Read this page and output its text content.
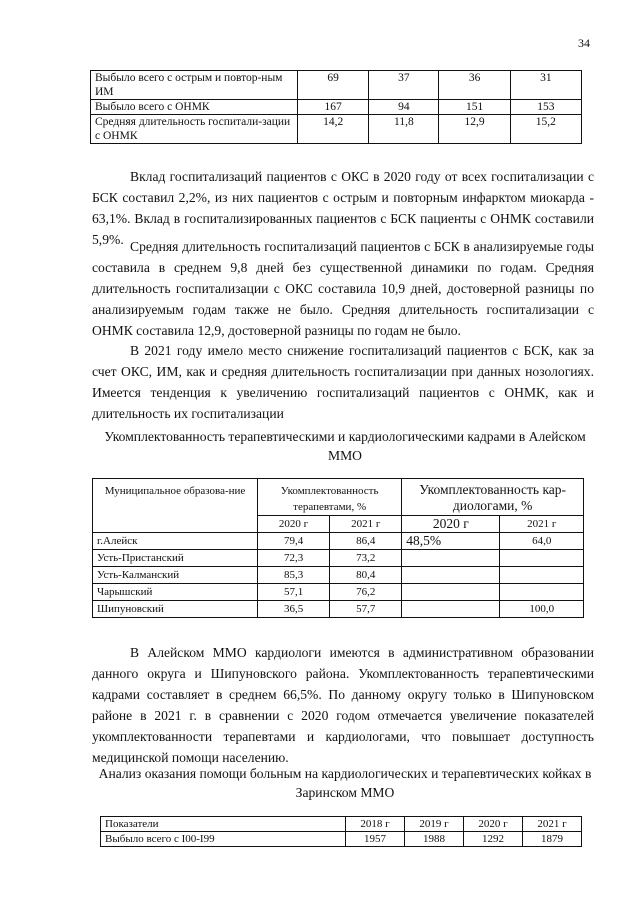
34
Выбыло всего с острым и повтор-ным ИМ	69	37	36	31
Выбыло всего с ОНМК	167	94	151	153
Средняя длительность госпитали-зации с ОНМК	14,2	11,8	12,9	15,2

Вклад госпитализаций пациентов с ОКС в 2020 году от всех госпитализации с БСК составил 2,2%, из них пациентов с острым и повторным инфарктом миокарда - 63,1%. Вклад в госпитализированных пациентов с БСК пациенты с ОНМК составили 5,9%. Средняя длительность госпитализаций пациентов с БСК в анализируемые годы составила в среднем 9,8 дней без существенной динамики по годам. Средняя длительность госпитализации с ОКС составила 10,9 дней, достоверной разницы по анализируемым годам также не было. Средняя длительность госпитализации с ОНМК составила 12,9, достоверной разницы по годам не было.

В 2021 году имело место снижение госпитализаций пациентов с БСК, как за счет ОКС, ИМ, как и средняя длительность госпитализации при данных нозологиях. Имеется тенденция к увеличению госпитализаций пациентов с ОНМК, как и длительность их госпитализации

Укомплектованность терапевтическими и кардиологическими кадрами в Алейском ММО

Муниципальное образова-ние	Укомплектованность терапевтами, %		Укомплектованность кар-диологами, %	
	2020 г	2021 г	2020 г	2021 г
г.Алейск	79,4	86,4	48,5%	64,0
Усть-Пристанский	72,3	73,2		
Усть-Калманский	85,3	80,4		
Чарышский	57,1	76,2		
Шипуновский	36,5	57,7		100,0

В Алейском ММО кардиологи имеются в административном образовании данного округа и Шипуновского района. Укомплектованность терапевтическими кадрами составляет в среднем 66,5%. По данному округу только в Шипуновском районе в 2021 г. в сравнении с 2020 годом отмечается увеличение показателей укомплектованности терапевтами и кардиологами, что повышает доступность медицинской помощи населению.

Анализ оказания помощи больным на кардиологических и терапевтических койках в Заринском ММО

Показатели	2018 г	2019 г	2020 г	2021 г
Выбыло всего с I00-I99	1957	1988	1292	1879
